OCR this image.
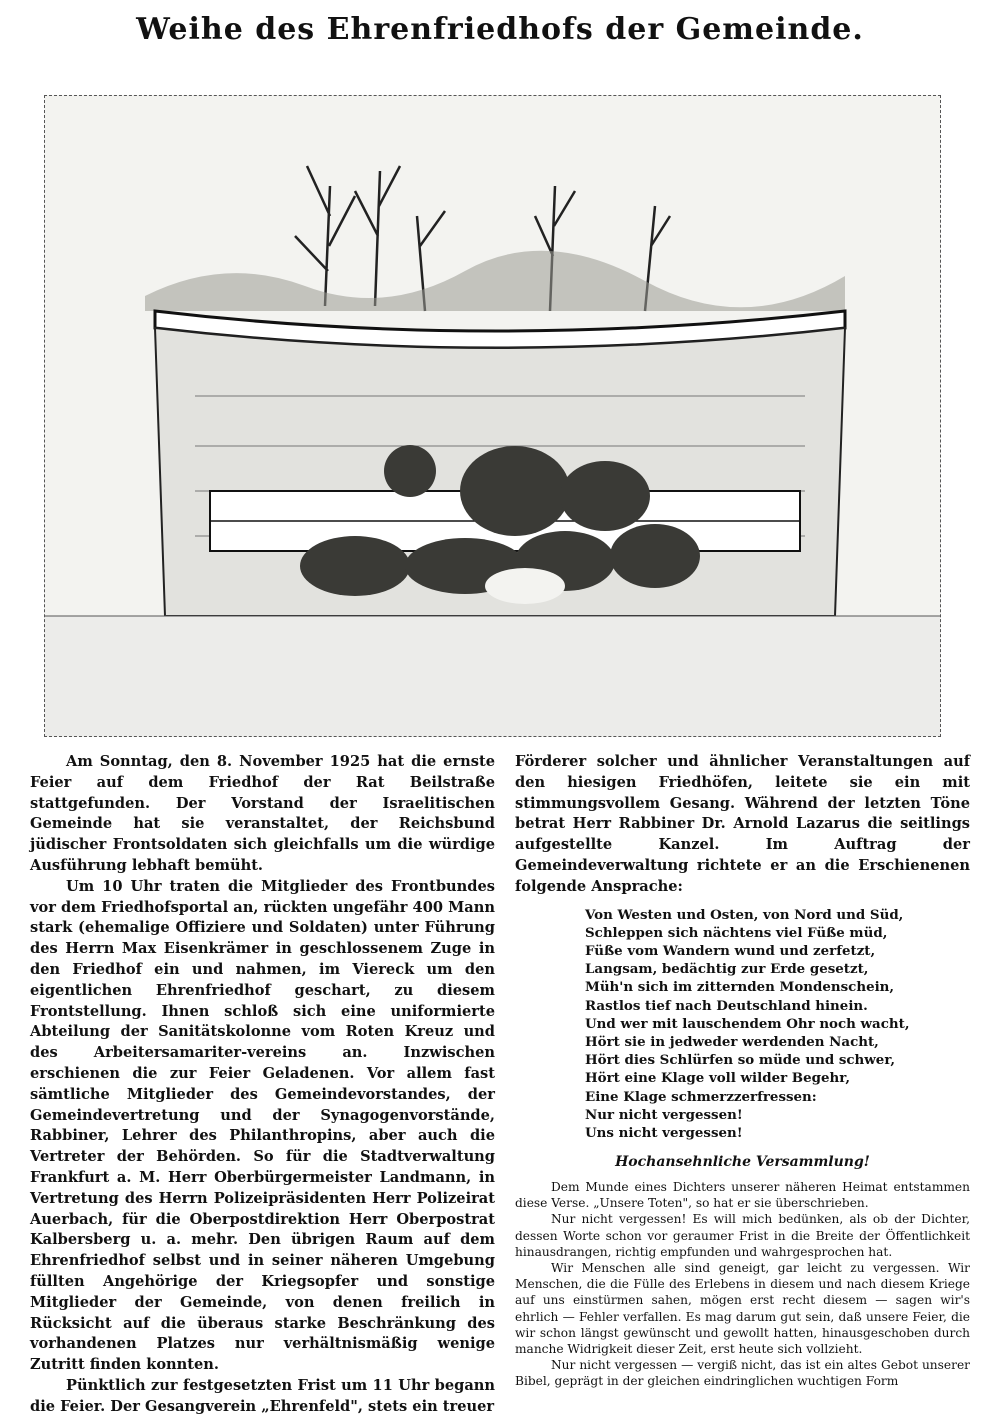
Weihe des Ehrenfriedhofs der Gemeinde.

Am Sonntag, den 8. November 1925 hat die ernste Feier auf dem Friedhof der Rat Beilstraße stattgefunden. Der Vorstand der Israelitischen Gemeinde hat sie veranstaltet, der Reichsbund jüdischer Frontsoldaten sich gleichfalls um die würdige Ausführung lebhaft bemüht.

Um 10 Uhr traten die Mitglieder des Frontbundes vor dem Friedhofsportal an, rückten ungefähr 400 Mann stark (ehemalige Offiziere und Soldaten) unter Führung des Herrn Max Eisenkrämer in geschlossenem Zuge in den Friedhof ein und nahmen, im Viereck um den eigentlichen Ehrenfriedhof geschart, zu diesem Frontstellung. Ihnen schloß sich eine uniformierte Abteilung der Sanitätskolonne vom Roten Kreuz und des Arbeitersamariter-vereins an. Inzwischen erschienen die zur Feier Geladenen. Vor allem fast sämtliche Mitglieder des Gemeindevorstandes, der Gemeindevertretung und der Synagogenvorstände, Rabbiner, Lehrer des Philanthropins, aber auch die Vertreter der Behörden. So für die Stadtverwaltung Frankfurt a. M. Herr Oberbürgermeister Landmann, in Vertretung des Herrn Polizeipräsidenten Herr Polizeirat Auerbach, für die Oberpostdirektion Herr Oberpostrat Kalbersberg u. a. mehr. Den übrigen Raum auf dem Ehrenfriedhof selbst und in seiner näheren Umgebung füllten Angehörige der Kriegsopfer und sonstige Mitglieder der Gemeinde, von denen freilich in Rücksicht auf die überaus starke Beschränkung des vorhandenen Platzes nur verhältnismäßig wenige Zutritt finden konnten.

Pünktlich zur festgesetzten Frist um 11 Uhr begann die Feier. Der Gesangverein „Ehrenfeld", stets ein treuer

Förderer solcher und ähnlicher Veranstaltungen auf den hiesigen Friedhöfen, leitete sie ein mit stimmungsvollem Gesang. Während der letzten Töne betrat Herr Rabbiner Dr. Arnold Lazarus die seitlings aufgestellte Kanzel. Im Auftrag der Gemeindeverwaltung richtete er an die Erschienenen folgende Ansprache:

Von Westen und Osten, von Nord und Süd,
Schleppen sich nächtens viel Füße müd,
Füße vom Wandern wund und zerfetzt,
Langsam, bedächtig zur Erde gesetzt,
Müh'n sich im zitternden Mondenschein,
Rastlos tief nach Deutschland hinein.
Und wer mit lauschendem Ohr noch wacht,
Hört sie in jedweder werdenden Nacht,
Hört dies Schlürfen so müde und schwer,
Hört eine Klage voll wilder Begehr,
Eine Klage schmerzzerfressen:
Nur nicht vergessen!
Uns nicht vergessen!
Hochansehnliche Versammlung!

Dem Munde eines Dichters unserer näheren Heimat entstammen diese Verse. „Unsere Toten", so hat er sie überschrieben.

Nur nicht vergessen! Es will mich bedünken, als ob der Dichter, dessen Worte schon vor geraumer Frist in die Breite der Öffentlichkeit hinausdrangen, richtig empfunden und wahrgesprochen hat.

Wir Menschen alle sind geneigt, gar leicht zu vergessen. Wir Menschen, die die Fülle des Erlebens in diesem und nach diesem Kriege auf uns einstürmen sahen, mögen erst recht diesem — sagen wir's ehrlich — Fehler verfallen. Es mag darum gut sein, daß unsere Feier, die wir schon längst gewünscht und gewollt hatten, hinausgeschoben durch manche Widrigkeit dieser Zeit, erst heute sich vollzieht.

Nur nicht vergessen — vergiß nicht, das ist ein altes Gebot unserer Bibel, geprägt in der gleichen eindringlichen wuchtigen Form
